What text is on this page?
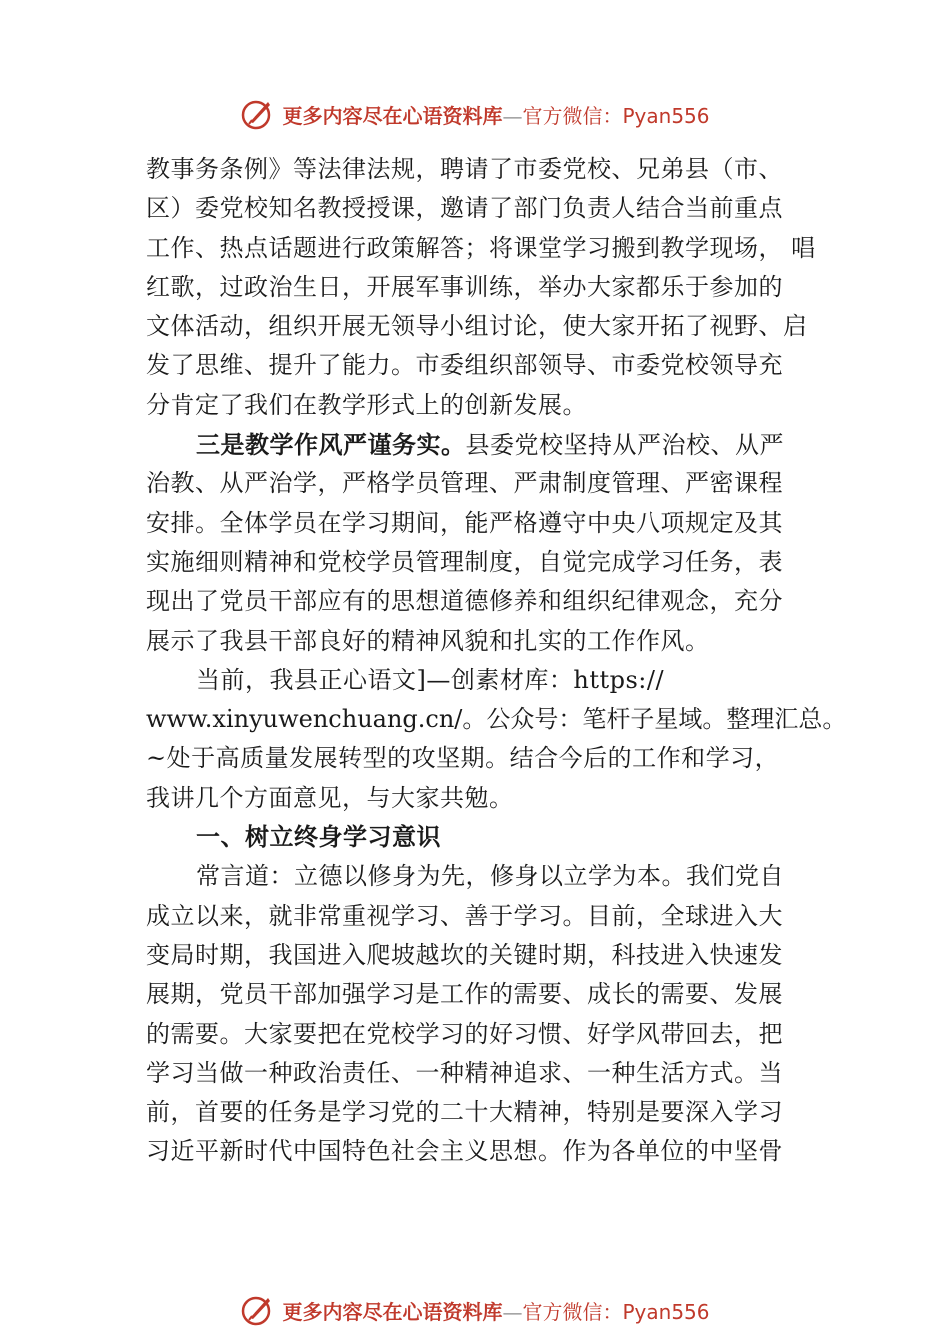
更多内容尽在心语资料库—官方微信：Pyan556
教事务条例》等法律法规，聘请了市委党校、兄弟县（市、
区）委党校知名教授授课，邀请了部门负责人结合当前重点
工作、热点话题进行政策解答；将课堂学习搬到教学现场， 唱
红歌，过政治生日，开展军事训练，举办大家都乐于参加的
文体活动，组织开展无领导小组讨论，使大家开拓了视野、启
发了思维、提升了能力。市委组织部领导、市委党校领导充
分肯定了我们在教学形式上的创新发展。
三是教学作风严谨务实。县委党校坚持从严治校、从严
治教、从严治学，严格学员管理、严肃制度管理、严密课程
安排。全体学员在学习期间，能严格遵守中央八项规定及其
实施细则精神和党校学员管理制度，自觉完成学习任务，表
现出了党员干部应有的思想道德修养和组织纪律观念，充分
展示了我县干部良好的精神风貌和扎实的工作作风。
当前，我县正心语文]—创素材库：https://
www.xinyuwenchuang.cn/。公众号：笔杆子星域。整理汇总。
~处于高质量发展转型的攻坚期。结合今后的工作和学习，
我讲几个方面意见，与大家共勉。
一、树立终身学习意识
常言道：立德以修身为先，修身以立学为本。我们党自
成立以来，就非常重视学习、善于学习。目前，全球进入大
变局时期，我国进入爬坡越坎的关键时期，科技进入快速发
展期，党员干部加强学习是工作的需要、成长的需要、发展
的需要。大家要把在党校学习的好习惯、好学风带回去，把
学习当做一种政治责任、一种精神追求、一种生活方式。当
前，首要的任务是学习党的二十大精神，特别是要深入学习
习近平新时代中国特色社会主义思想。作为各单位的中坚骨
更多内容尽在心语资料库—官方微信：Pyan556
